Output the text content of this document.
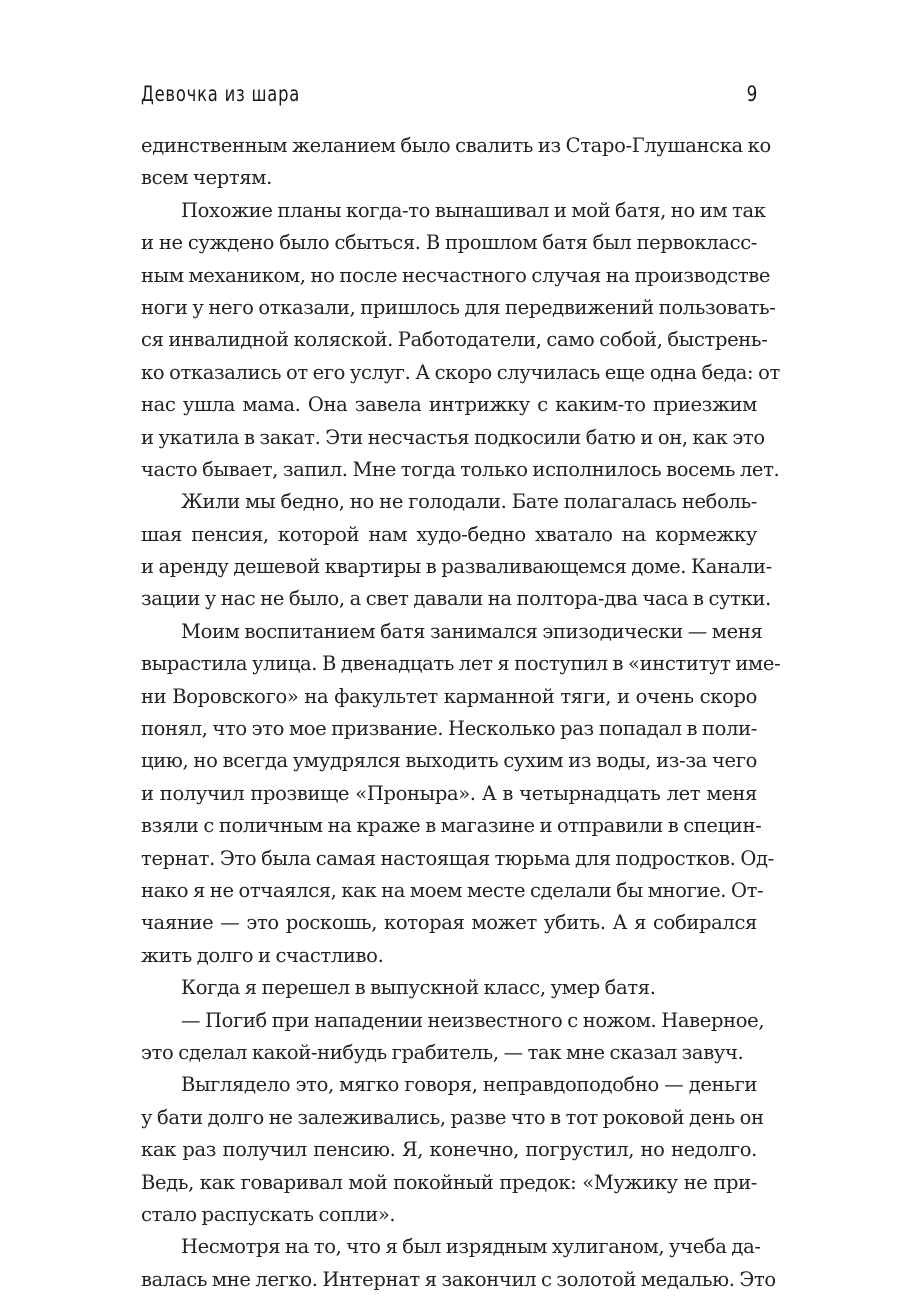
Девочка из шара	9
единственным желанием было свалить из Старо-Глушанска ко
всем чертям.
Похожие планы когда-то вынашивал и мой батя, но им так
и не суждено было сбыться. В прошлом батя был первокласс-
ным механиком, но после несчастного случая на производстве
ноги у него отказали, пришлось для передвижений пользовать-
ся инвалидной коляской. Работодатели, само собой, быстрень-
ко отказались от его услуг. А скоро случилась еще одна беда: от
нас ушла мама. Она завела интрижку с каким-то приезжим
и укатила в закат. Эти несчастья подкосили батю и он, как это
часто бывает, запил. Мне тогда только исполнилось восемь лет.
Жили мы бедно, но не голодали. Бате полагалась неболь-
шая пенсия, которой нам худо-бедно хватало на кормежку
и аренду дешевой квартиры в разваливающемся доме. Канали-
зации у нас не было, а свет давали на полтора-два часа в сутки.
Моим воспитанием батя занимался эпизодически — меня
вырастила улица. В двенадцать лет я поступил в «институт име-
ни Воровского» на факультет карманной тяги, и очень скоро
понял, что это мое призвание. Несколько раз попадал в поли-
цию, но всегда умудрялся выходить сухим из воды, из-за чего
и получил прозвище «Проныра». А в четырнадцать лет меня
взяли с поличным на краже в магазине и отправили в специн-
тернат. Это была самая настоящая тюрьма для подростков. Од-
нако я не отчаялся, как на моем месте сделали бы многие. От-
чаяние — это роскошь, которая может убить. А я собирался
жить долго и счастливо.
Когда я перешел в выпускной класс, умер батя.
— Погиб при нападении неизвестного с ножом. Наверное,
это сделал какой-нибудь грабитель, — так мне сказал завуч.
Выглядело это, мягко говоря, неправдоподобно — деньги
у бати долго не залеживались, разве что в тот роковой день он
как раз получил пенсию. Я, конечно, погрустил, но недолго.
Ведь, как говаривал мой покойный предок: «Мужику не при-
стало распускать сопли».
Несмотря на то, что я был изрядным хулиганом, учеба да-
валась мне легко. Интернат я закончил с золотой медалью. Это
